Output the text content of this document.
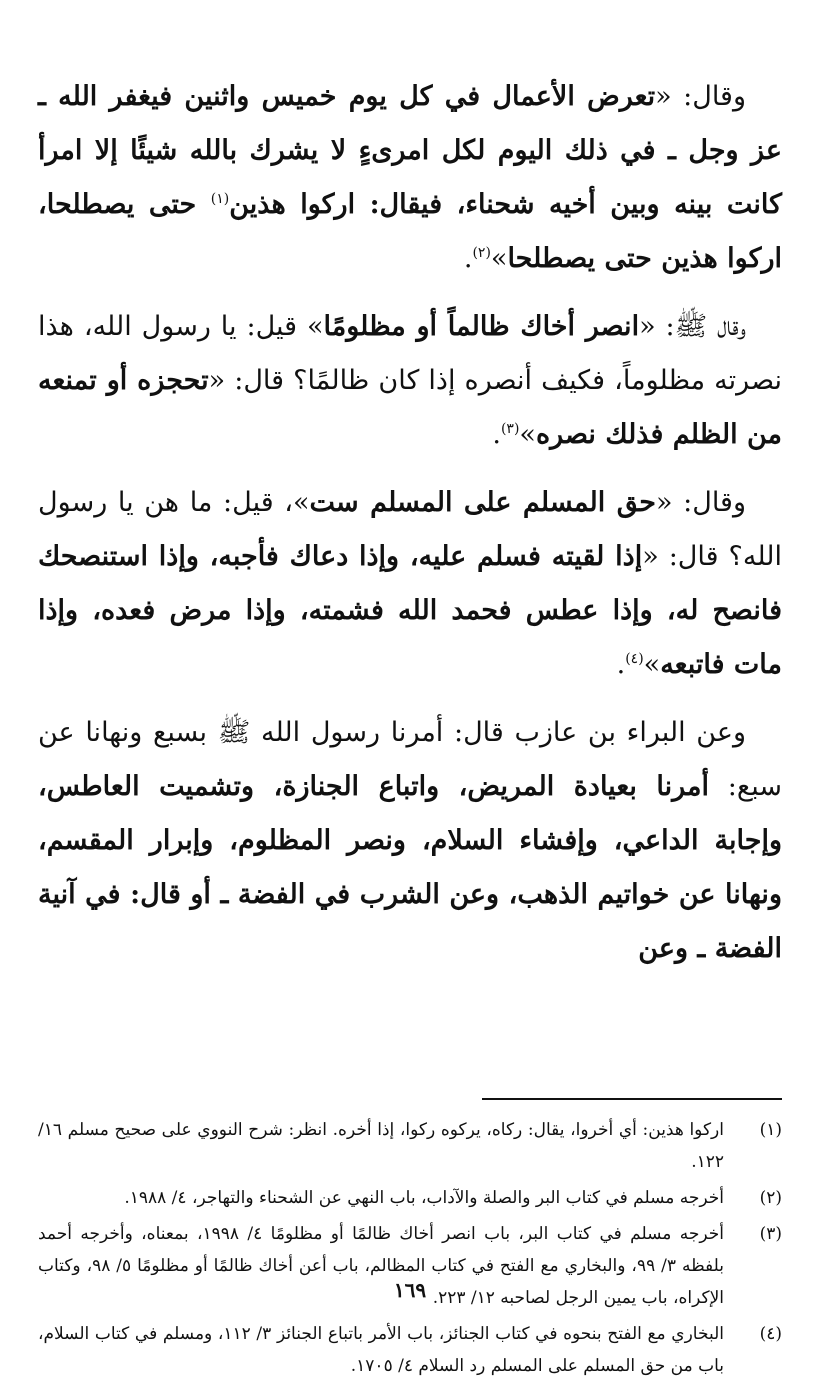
وقال: «تعرض الأعمال في كل يوم خميس واثنين فيغفر الله ـ عز وجل ـ في ذلك اليوم لكل امرىءٍ لا يشرك بالله شيئًا إلا امرأ كانت بينه وبين أخيه شحناء، فيقال: اركوا هذين$^{(١)}$ حتى يصطلحا، اركوا هذين حتى يصطلحا»$^{(٢)}$.

وقال ﷺ: «انصر أخاك ظالماً أو مظلومًا» قيل: يا رسول الله، هذا نصرته مظلوماً، فكيف أنصره إذا كان ظالمًا؟ قال: «تحجزه أو تمنعه من الظلم فذلك نصره»$^{(٣)}$.

وقال: «حق المسلم على المسلم ست»، قيل: ما هن يا رسول الله؟ قال: «إذا لقيته فسلم عليه، وإذا دعاك فأجبه، وإذا استنصحك فانصح له، وإذا عطس فحمد الله فشمته، وإذا مرض فعده، وإذا مات فاتبعه»$^{(٤)}$.

وعن البراء بن عازب قال: أمرنا رسول الله ﷺ بسبع ونهانا عن سبع: أمرنا بعيادة المريض، واتباع الجنازة، وتشميت العاطس، وإجابة الداعي، وإفشاء السلام، ونصر المظلوم، وإبرار المقسم، ونهانا عن خواتيم الذهب، وعن الشرب في الفضة ـ أو قال: في آنية الفضة ـ وعن

(١)
اركوا هذين: أي أخروا، يقال: ركاه، يركوه ركوا، إذا أخره. انظر: شرح النووي على صحيح مسلم ١٦/ ١٢٢.
(٢)
أخرجه مسلم في كتاب البر والصلة والآداب، باب النهي عن الشحناء والتهاجر، ٤/ ١٩٨٨.
(٣)
أخرجه مسلم في كتاب البر، باب انصر أخاك ظالمًا أو مظلومًا ٤/ ١٩٩٨، بمعناه، وأخرجه أحمد بلفظه ٣/ ٩٩، والبخاري مع الفتح في كتاب المظالم، باب أعن أخاك ظالمًا أو مظلومًا ٥/ ٩٨، وكتاب الإكراه، باب يمين الرجل لصاحبه ١٢/ ٢٢٣.
(٤)
البخاري مع الفتح بنحوه في كتاب الجنائز، باب الأمر باتباع الجنائز ٣/ ١١٢، ومسلم في كتاب السلام، باب من حق المسلم على المسلم رد السلام ٤/ ١٧٠٥.
١٦٩
